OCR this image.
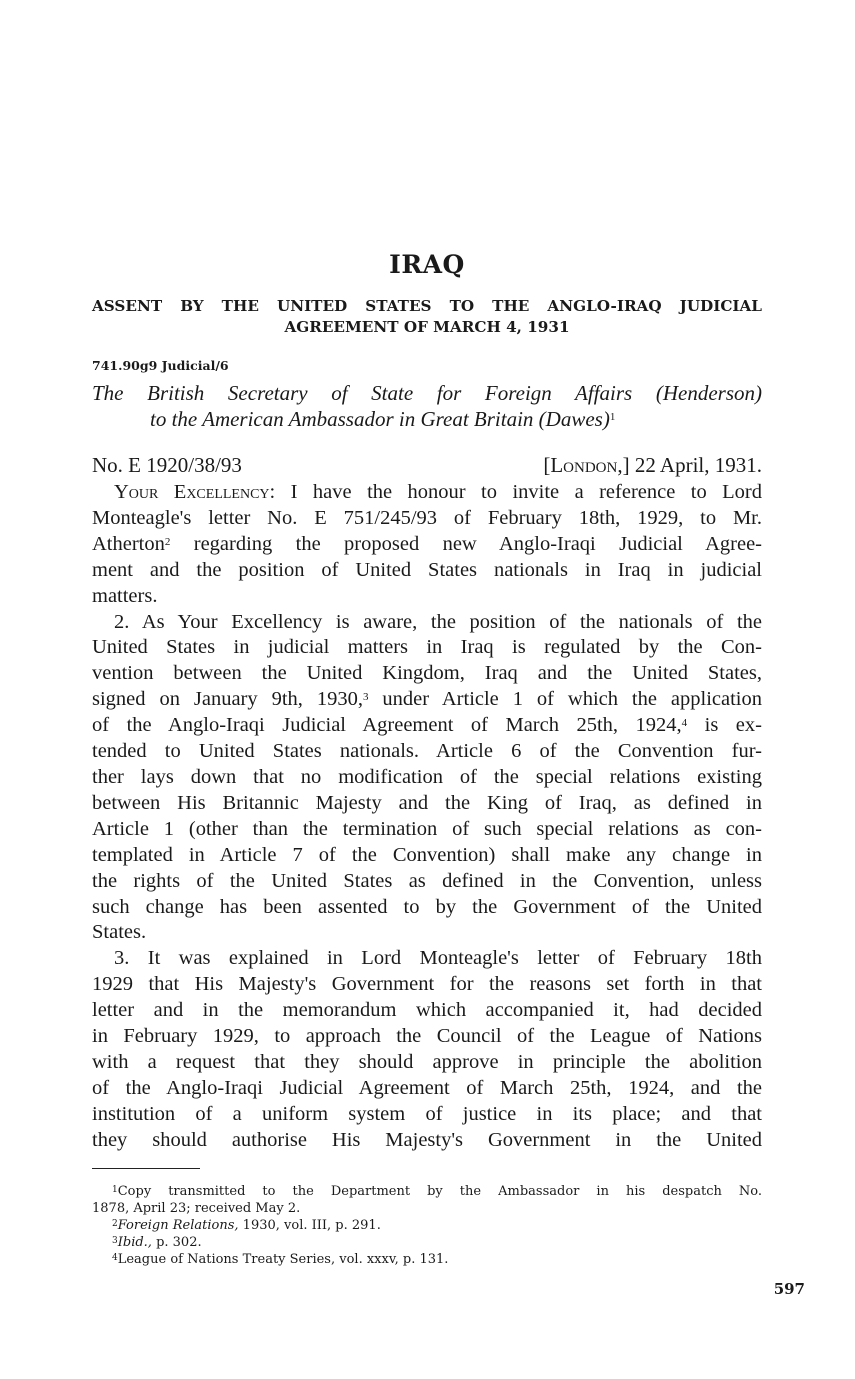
IRAQ
ASSENT BY THE UNITED STATES TO THE ANGLO-IRAQ JUDICIAL
AGREEMENT OF MARCH 4, 1931
741.90g9 Judicial/6
The British Secretary of State for Foreign Affairs (Henderson)
to the American Ambassador in Great Britain (Dawes)$^1$
No. E 1920/38/93	[London,] 22 April, 1931.
Your Excellency: I have the honour to invite a reference to Lord
Monteagle's letter No. E 751/245/93 of February 18th, 1929, to Mr.
Atherton$^2$ regarding the proposed new Anglo-Iraqi Judicial Agree-
ment and the position of United States nationals in Iraq in judicial
matters.
2. As Your Excellency is aware, the position of the nationals of the
United States in judicial matters in Iraq is regulated by the Con-
vention between the United Kingdom, Iraq and the United States,
signed on January 9th, 1930,$^3$ under Article 1 of which the application
of the Anglo-Iraqi Judicial Agreement of March 25th, 1924,$^4$ is ex-
tended to United States nationals. Article 6 of the Convention fur-
ther lays down that no modification of the special relations existing
between His Britannic Majesty and the King of Iraq, as defined in
Article 1 (other than the termination of such special relations as con-
templated in Article 7 of the Convention) shall make any change in
the rights of the United States as defined in the Convention, unless
such change has been assented to by the Government of the United
States.
3. It was explained in Lord Monteagle's letter of February 18th
1929 that His Majesty's Government for the reasons set forth in that
letter and in the memorandum which accompanied it, had decided
in February 1929, to approach the Council of the League of Nations
with a request that they should approve in principle the abolition
of the Anglo-Iraqi Judicial Agreement of March 25th, 1924, and the
institution of a uniform system of justice in its place; and that
they should authorise His Majesty's Government in the United
$^1$Copy transmitted to the Department by the Ambassador in his despatch No.
1878, April 23; received May 2.
$^2$Foreign Relations, 1930, vol. III, p. 291.
$^3$Ibid., p. 302.
$^4$League of Nations Treaty Series, vol. xxxv, p. 131.
597
